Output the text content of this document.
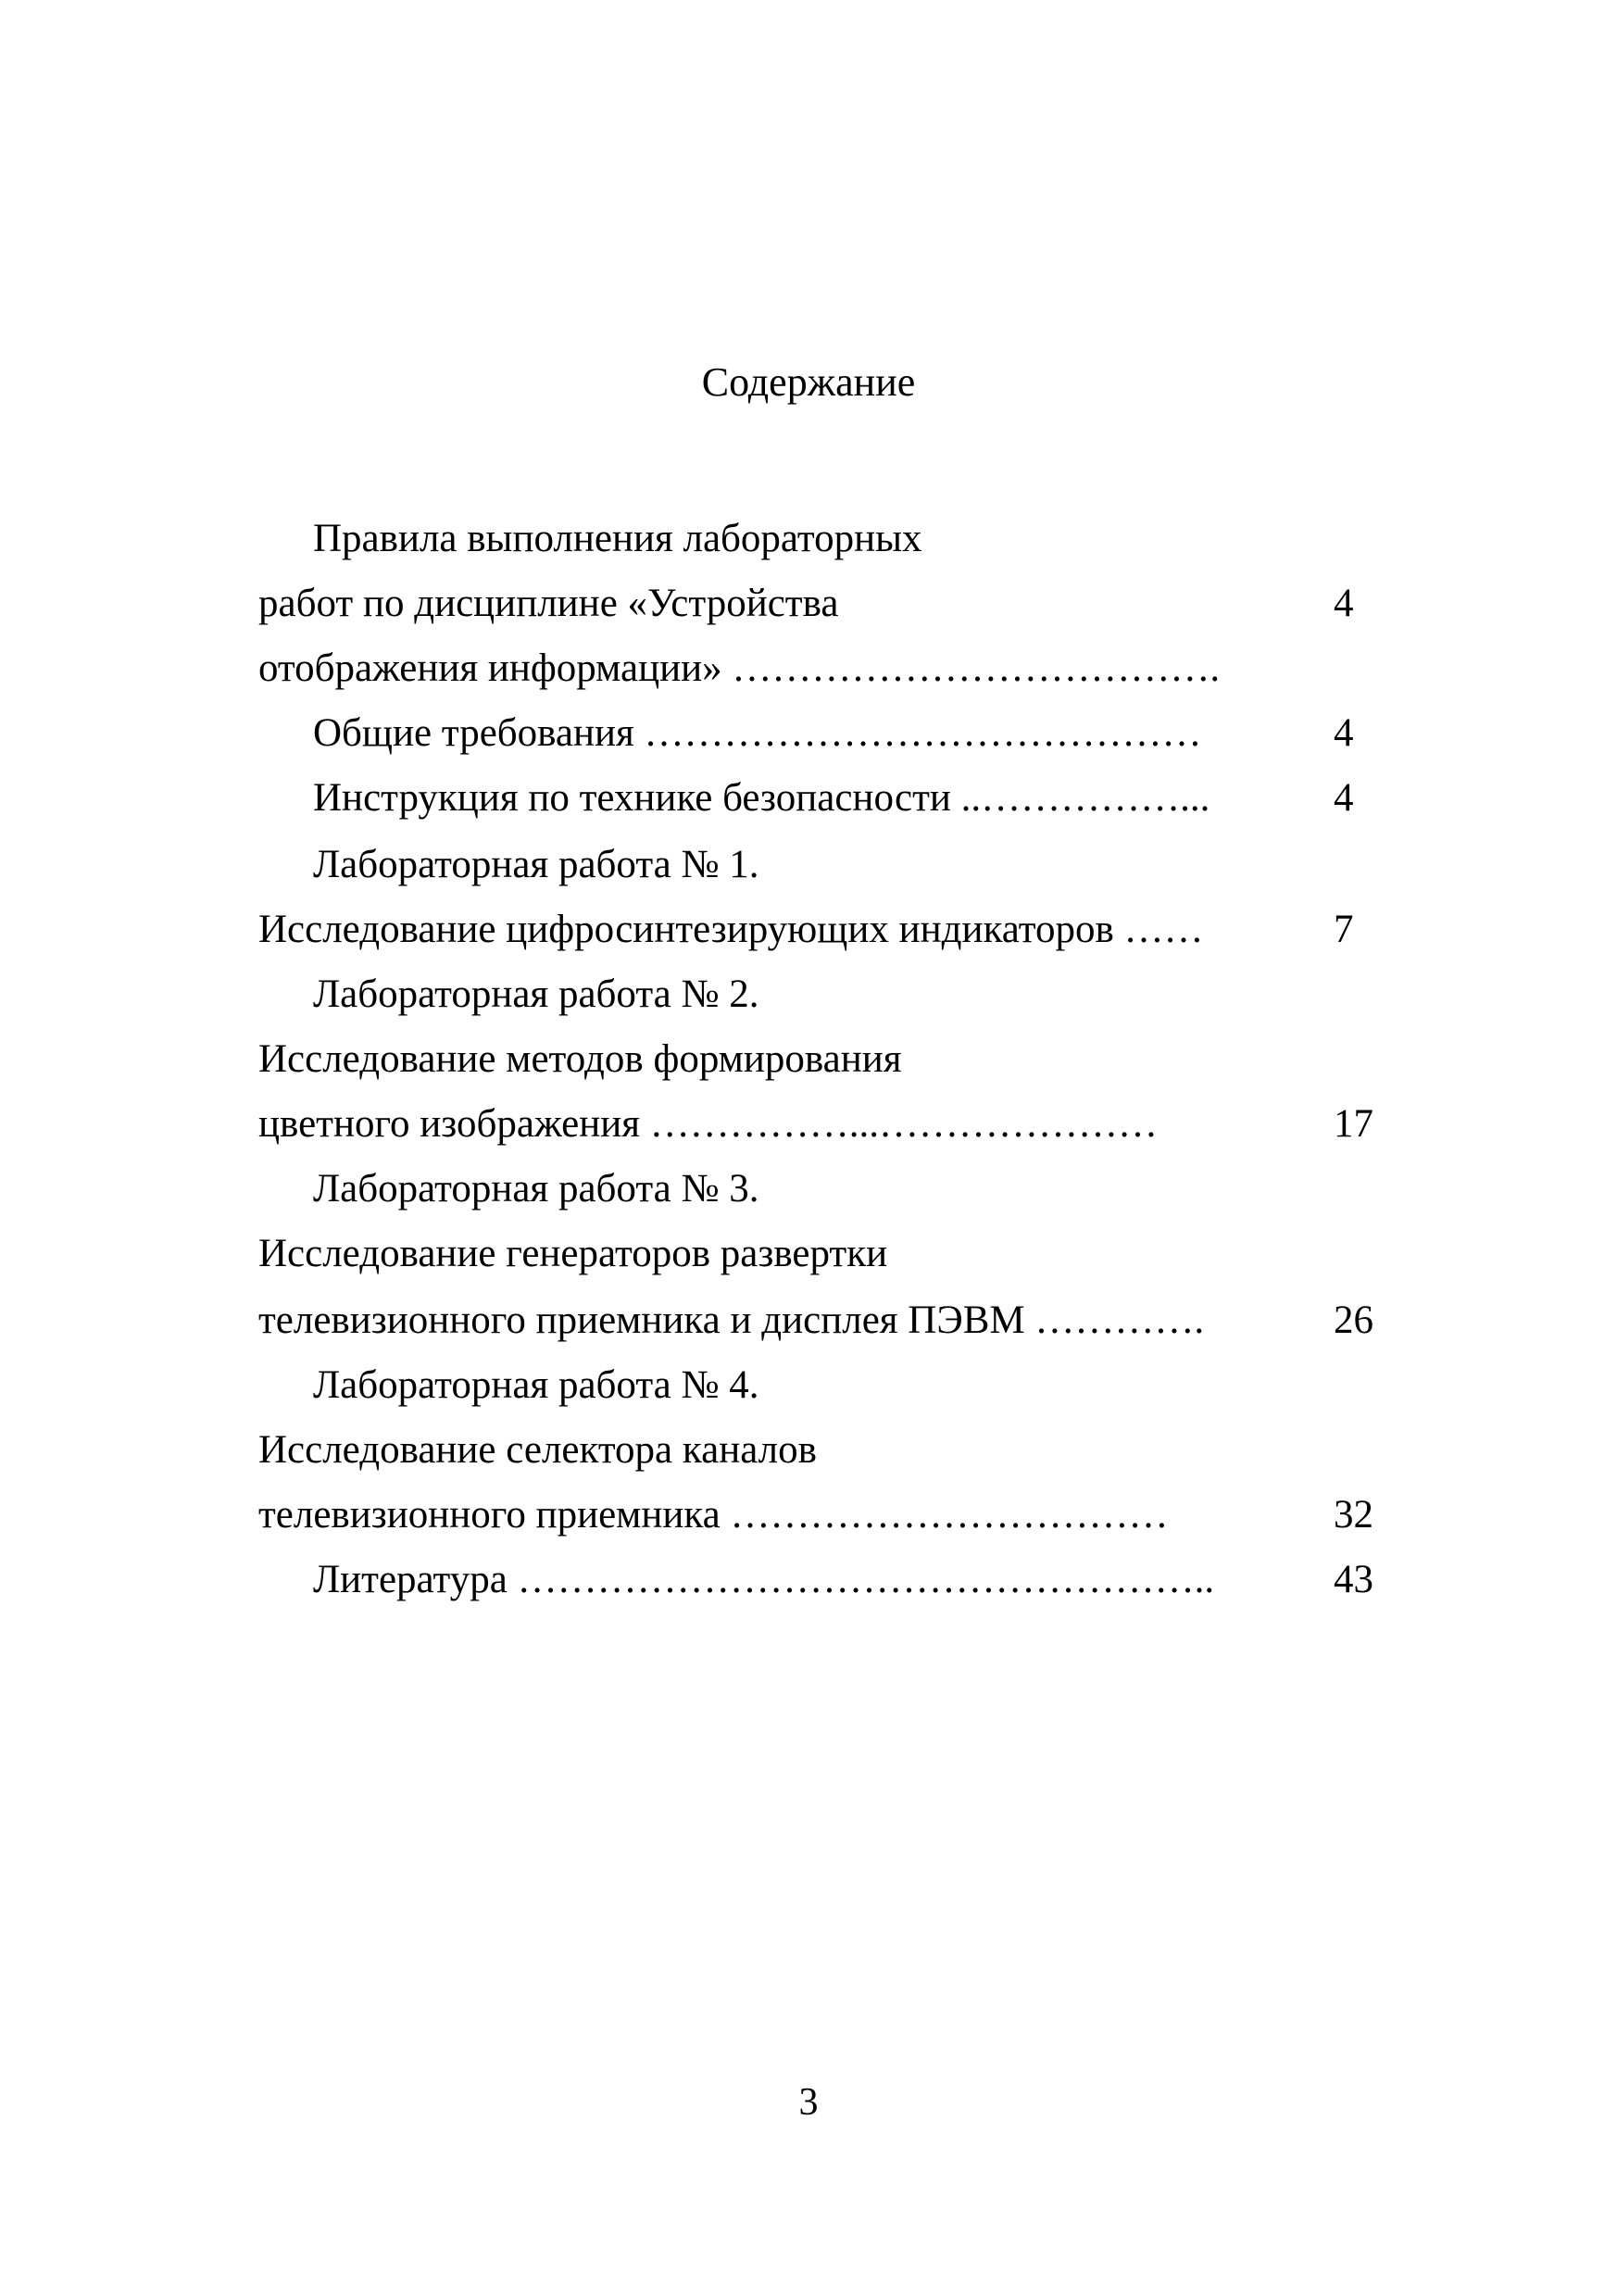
Содержание
Правила выполнения лабораторных
работ по дисциплине «Устройства	4
отображения информации» ……………………………….
Общие требования ……………………………………	4
Инструкция по технике безопасности ..……………...	4
Лабораторная работа № 1.
Исследование цифросинтезирующих индикаторов ……	7
Лабораторная работа № 2.
Исследование методов формирования
цветного изображения ……………...…………………	17
Лабораторная работа № 3.
Исследование генераторов развертки
телевизионного приемника и дисплея ПЭВМ ………….	26
Лабораторная работа № 4.
Исследование селектора каналов
телевизионного приемника ……………………………	32
Литература ……………………………………………..	43
3
